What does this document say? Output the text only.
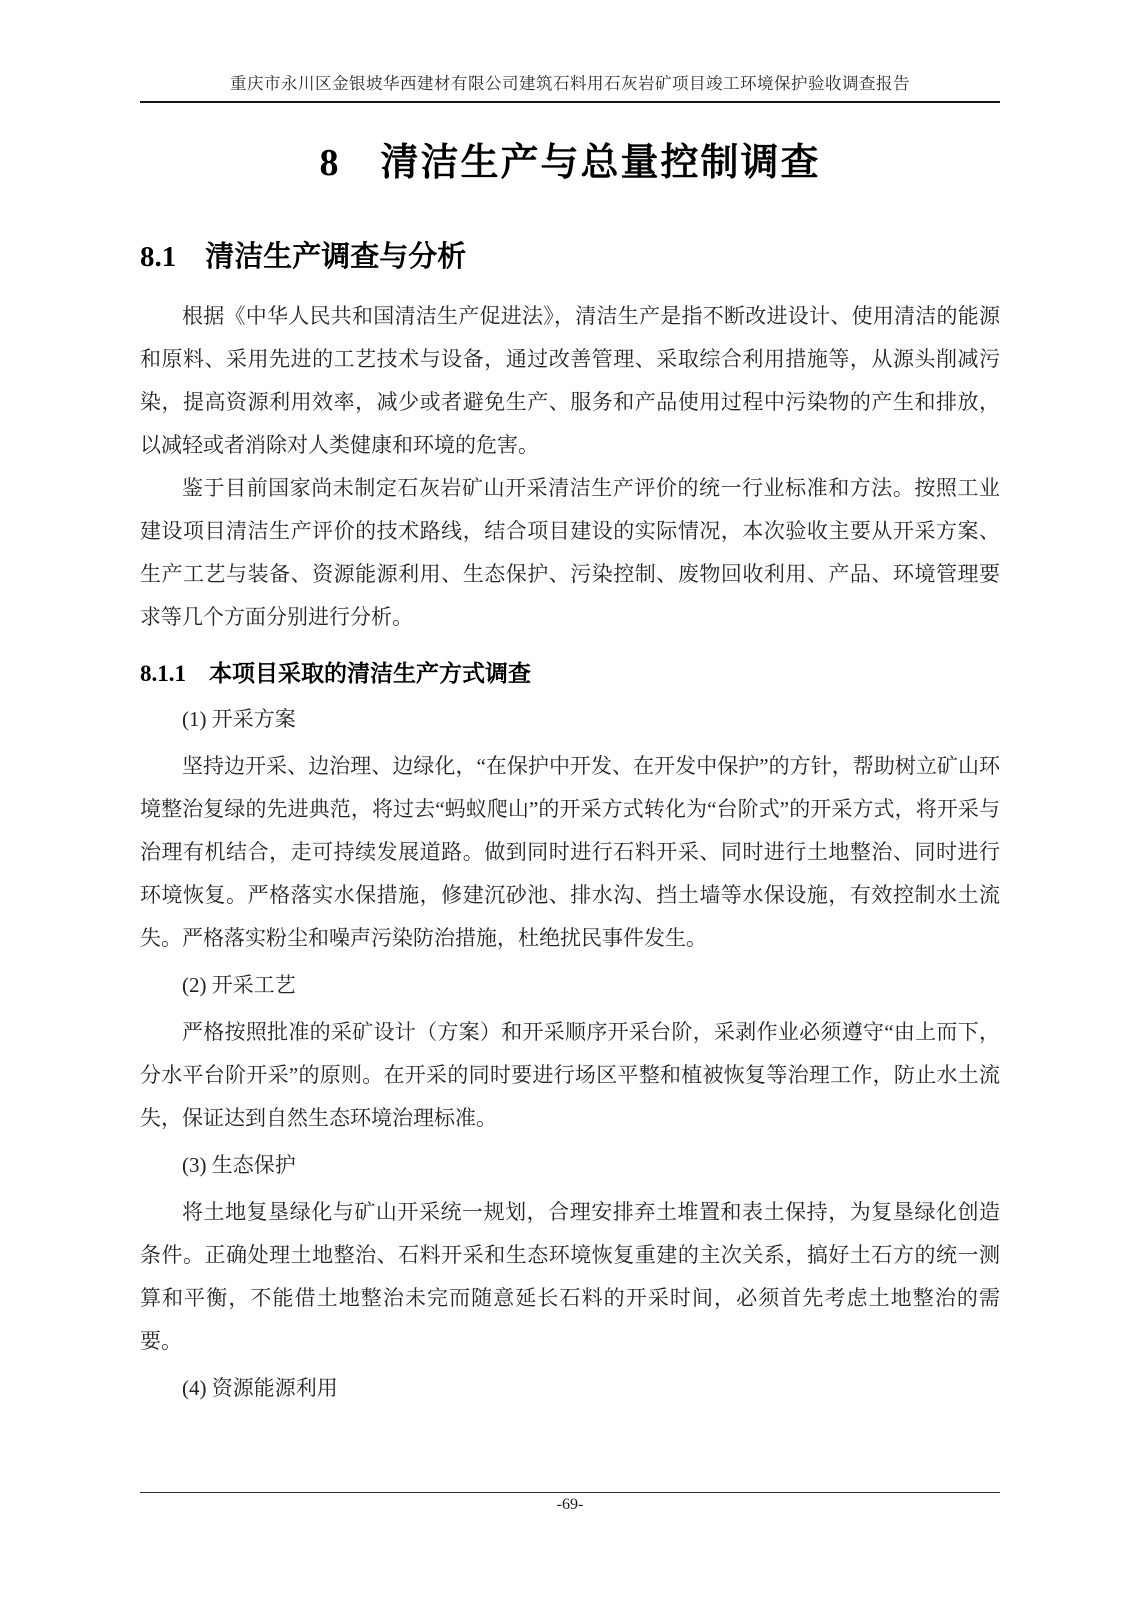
重庆市永川区金银坡华西建材有限公司建筑石料用石灰岩矿项目竣工环境保护验收调查报告
8　清洁生产与总量控制调查
8.1　清洁生产调查与分析

根据《中华人民共和国清洁生产促进法》，清洁生产是指不断改进设计、使用清洁的能源和原料、采用先进的工艺技术与设备，通过改善管理、采取综合利用措施等，从源头削减污染，提高资源利用效率，减少或者避免生产、服务和产品使用过程中污染物的产生和排放，以减轻或者消除对人类健康和环境的危害。

鉴于目前国家尚未制定石灰岩矿山开采清洁生产评价的统一行业标准和方法。按照工业建设项目清洁生产评价的技术路线，结合项目建设的实际情况，本次验收主要从开采方案、生产工艺与装备、资源能源利用、生态保护、污染控制、废物回收利用、产品、环境管理要求等几个方面分别进行分析。

8.1.1　本项目采取的清洁生产方式调查

(1) 开采方案

坚持边开采、边治理、边绿化，“在保护中开发、在开发中保护”的方针，帮助树立矿山环境整治复绿的先进典范，将过去“蚂蚁爬山”的开采方式转化为“台阶式”的开采方式，将开采与治理有机结合，走可持续发展道路。做到同时进行石料开采、同时进行土地整治、同时进行环境恢复。严格落实水保措施，修建沉砂池、排水沟、挡土墙等水保设施，有效控制水土流失。严格落实粉尘和噪声污染防治措施，杜绝扰民事件发生。

(2) 开采工艺

严格按照批准的采矿设计（方案）和开采顺序开采台阶，采剥作业必须遵守“由上而下，分水平台阶开采”的原则。在开采的同时要进行场区平整和植被恢复等治理工作，防止水土流失，保证达到自然生态环境治理标准。

(3) 生态保护

将土地复垦绿化与矿山开采统一规划，合理安排弃土堆置和表土保持，为复垦绿化创造条件。正确处理土地整治、石料开采和生态环境恢复重建的主次关系，搞好土石方的统一测算和平衡，不能借土地整治未完而随意延长石料的开采时间，必须首先考虑土地整治的需要。

(4) 资源能源利用

-69-
